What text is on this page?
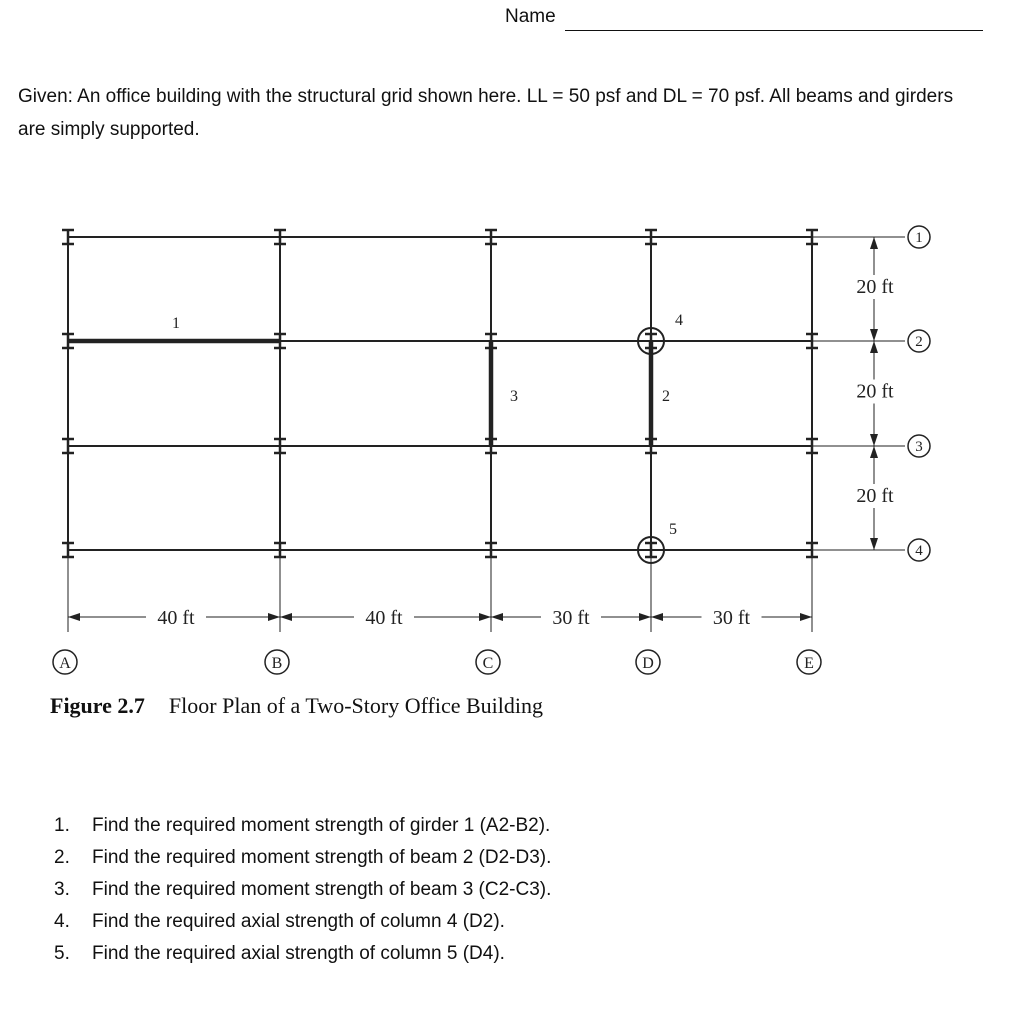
Name
Given: An office building with the structural grid shown here. LL = 50 psf and DL = 70 psf. All beams and girders are simply supported.
40 ft	40 ft	30 ft	30 ft
20 ft
20 ft
20 ft
1
3	2
4
5
A	B	C	D	E
1
2
3
4
Figure 2.7 Floor Plan of a Two-Story Office Building
1. Find the required moment strength of girder 1 (A2-B2).
2. Find the required moment strength of beam 2 (D2-D3).
3. Find the required moment strength of beam 3 (C2-C3).
4. Find the required axial strength of column 4 (D2).
5. Find the required axial strength of column 5 (D4).
